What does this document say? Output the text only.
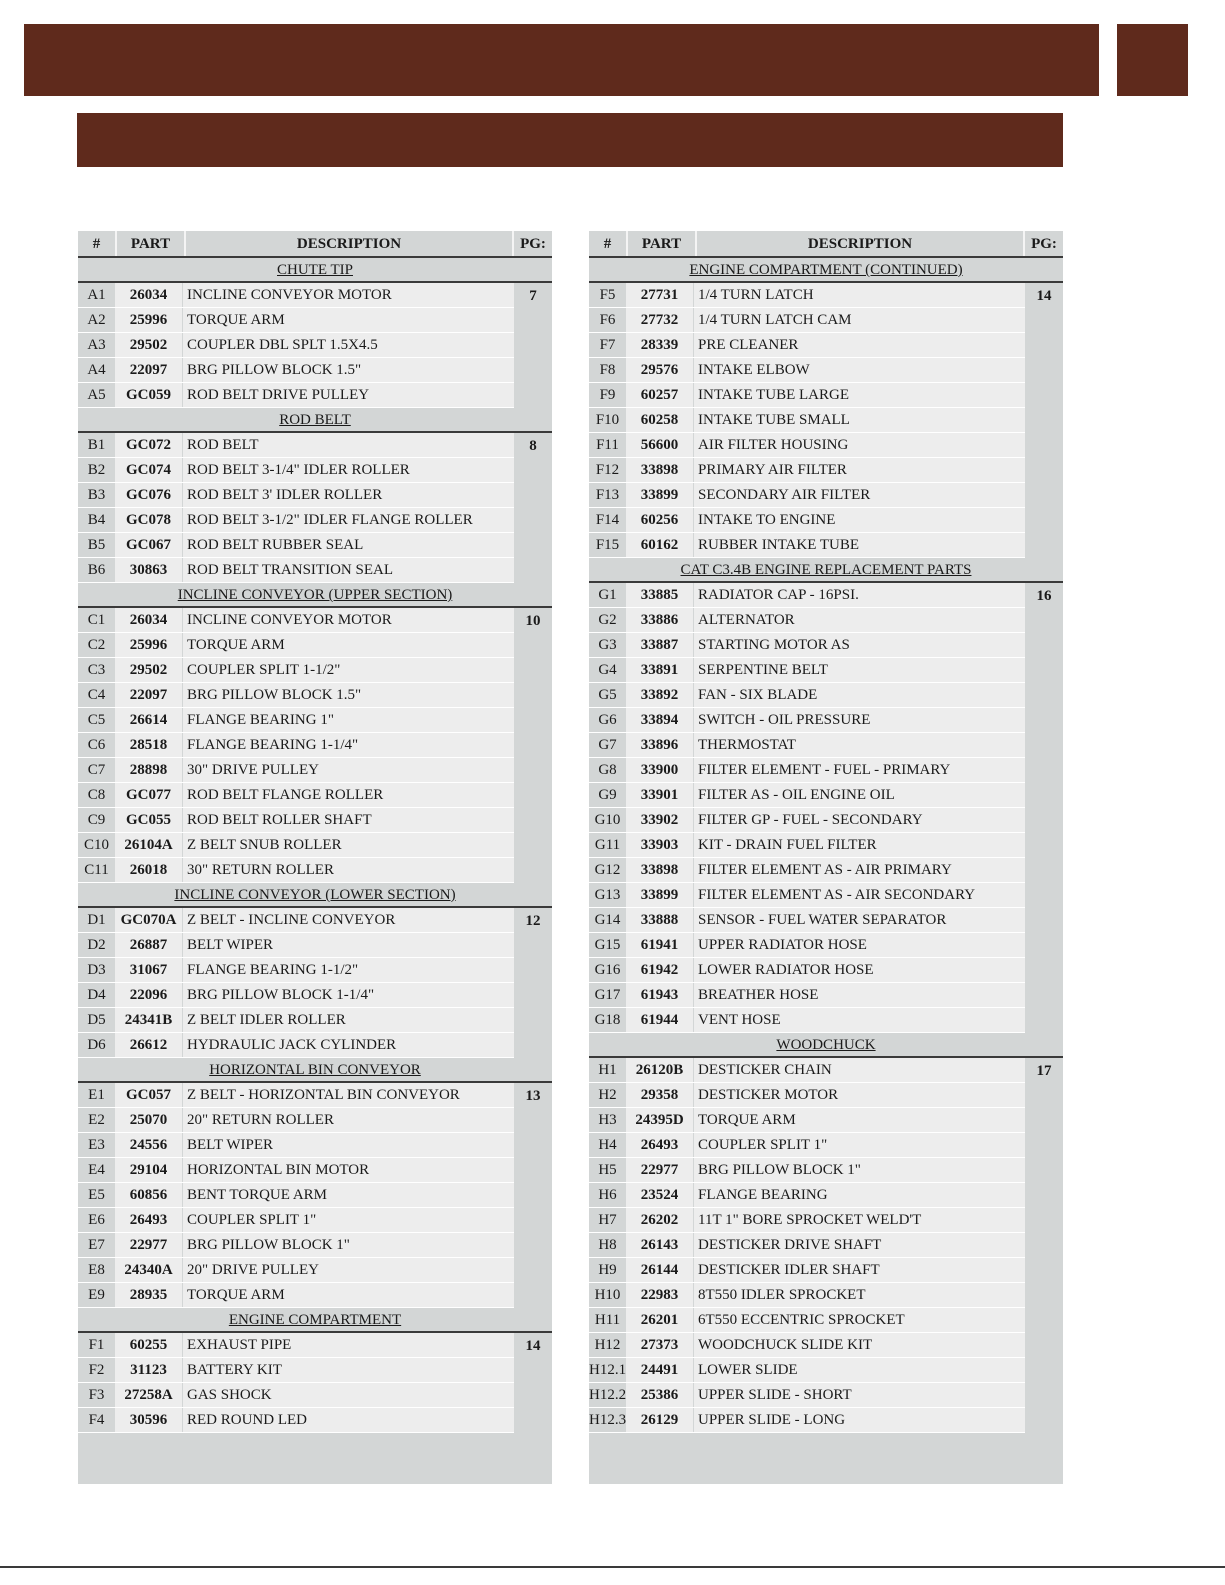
#	PART	DESCRIPTION	PG:
CHUTE TIP
A1	26034	INCLINE CONVEYOR MOTOR
A2	25996	TORQUE ARM
A3	29502	COUPLER DBL SPLT 1.5X4.5
A4	22097	BRG PILLOW BLOCK 1.5"
A5	GC059	ROD BELT DRIVE PULLEY
7
ROD BELT
B1	GC072	ROD BELT
B2	GC074	ROD BELT 3-1/4" IDLER ROLLER
B3	GC076	ROD BELT 3' IDLER ROLLER
B4	GC078	ROD BELT 3-1/2" IDLER FLANGE ROLLER
B5	GC067	ROD BELT RUBBER SEAL
B6	30863	ROD BELT TRANSITION SEAL
8
INCLINE CONVEYOR (UPPER SECTION)
C1	26034	INCLINE CONVEYOR MOTOR
C2	25996	TORQUE ARM
C3	29502	COUPLER SPLIT 1-1/2"
C4	22097	BRG PILLOW BLOCK 1.5"
C5	26614	FLANGE BEARING 1"
C6	28518	FLANGE BEARING 1-1/4"
C7	28898	30" DRIVE PULLEY
C8	GC077	ROD BELT FLANGE ROLLER
C9	GC055	ROD BELT ROLLER SHAFT
C10	26104A Z BELT SNUB ROLLER
C11	26018	30" RETURN ROLLER
10
INCLINE CONVEYOR (LOWER SECTION)
D1 GC070A Z BELT - INCLINE CONVEYOR
D2	26887	BELT WIPER
D3	31067	FLANGE BEARING 1-1/2"
D4	22096	BRG PILLOW BLOCK 1-1/4"
D5	24341B Z BELT IDLER ROLLER
D6	26612	HYDRAULIC JACK CYLINDER
12
HORIZONTAL BIN CONVEYOR
E1	GC057	Z BELT - HORIZONTAL BIN CONVEYOR
E2	25070	20" RETURN ROLLER
E3	24556	BELT WIPER
E4	29104	HORIZONTAL BIN MOTOR
E5	60856	BENT TORQUE ARM
E6	26493	COUPLER SPLIT 1"
E7	22977	BRG PILLOW BLOCK 1"
E8	24340A 20" DRIVE PULLEY
E9	28935	TORQUE ARM
13
ENGINE COMPARTMENT
F1	60255	EXHAUST PIPE
F2	31123	BATTERY KIT
F3	27258A GAS SHOCK
F4	30596	RED ROUND LED
14
#	PART	DESCRIPTION	PG:
ENGINE COMPARTMENT (CONTINUED)
F5	27731	1/4 TURN LATCH
F6	27732	1/4 TURN LATCH CAM
F7	28339	PRE CLEANER
F8	29576	INTAKE ELBOW
F9	60257	INTAKE TUBE LARGE
F10	60258	INTAKE TUBE SMALL
F11	56600	AIR FILTER HOUSING
F12	33898	PRIMARY AIR FILTER
F13	33899	SECONDARY AIR FILTER
F14	60256	INTAKE TO ENGINE
F15	60162	RUBBER INTAKE TUBE
14
CAT C3.4B ENGINE REPLACEMENT PARTS
G1	33885	RADIATOR CAP - 16PSI.
G2	33886	ALTERNATOR
G3	33887	STARTING MOTOR AS
G4	33891	SERPENTINE BELT
G5	33892	FAN - SIX BLADE
G6	33894	SWITCH - OIL PRESSURE
G7	33896	THERMOSTAT
G8	33900	FILTER ELEMENT - FUEL - PRIMARY
G9	33901	FILTER AS - OIL ENGINE OIL
G10	33902	FILTER GP - FUEL - SECONDARY
G11	33903	KIT - DRAIN FUEL FILTER
G12	33898	FILTER ELEMENT AS - AIR PRIMARY
G13	33899	FILTER ELEMENT AS - AIR SECONDARY
G14	33888	SENSOR - FUEL WATER SEPARATOR
G15	61941	UPPER RADIATOR HOSE
G16	61942	LOWER RADIATOR HOSE
G17	61943	BREATHER HOSE
G18	61944	VENT HOSE
16
WOODCHUCK
H1	26120B DESTICKER CHAIN
H2	29358	DESTICKER MOTOR
H3	24395D TORQUE ARM
H4	26493	COUPLER SPLIT 1"
H5	22977	BRG PILLOW BLOCK 1"
H6	23524	FLANGE BEARING
H7	26202	11T 1" BORE SPROCKET WELD'T
H8	26143	DESTICKER DRIVE SHAFT
H9	26144	DESTICKER IDLER SHAFT
H10	22983	8T550 IDLER SPROCKET
H11	26201	6T550 ECCENTRIC SPROCKET
H12	27373	WOODCHUCK SLIDE KIT
H12.1 24491	LOWER SLIDE
H12.2 25386	UPPER SLIDE - SHORT
H12.3 26129	UPPER SLIDE - LONG
17
